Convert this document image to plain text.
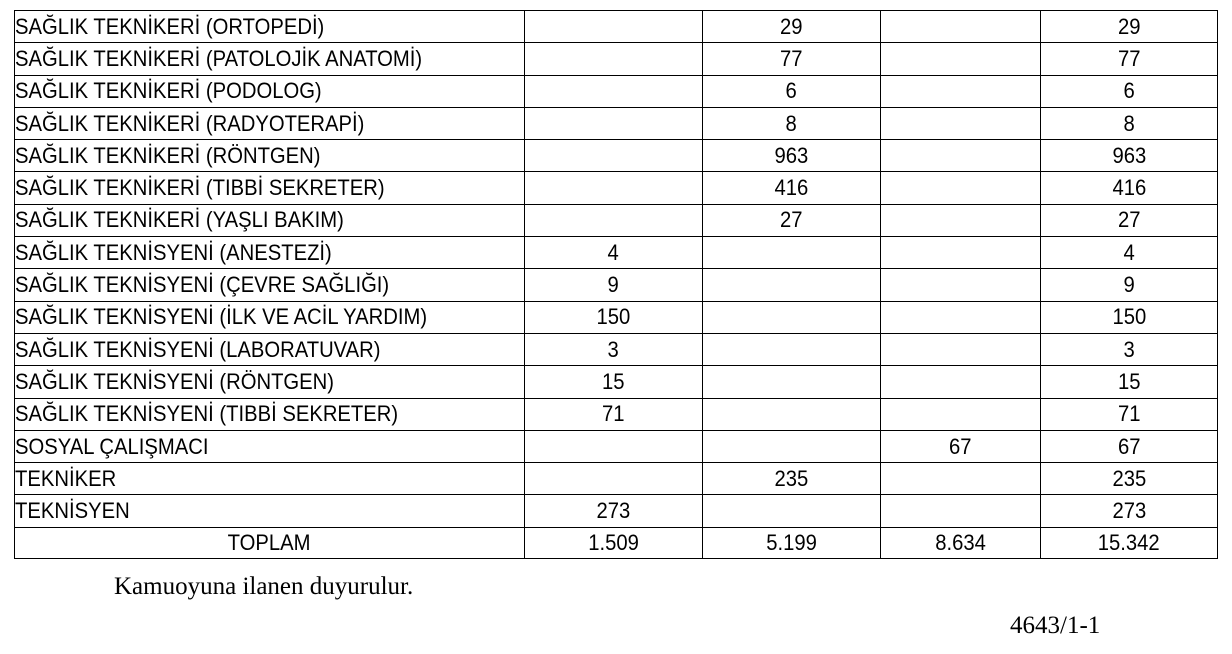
SAĞLIK TEKNİKERİ (ORTOPEDİ)		29		29
SAĞLIK TEKNİKERİ (PATOLOJİK ANATOMİ)		77		77
SAĞLIK TEKNİKERİ (PODOLOG)		6		6
SAĞLIK TEKNİKERİ (RADYOTERAPİ)		8		8
SAĞLIK TEKNİKERİ (RÖNTGEN)		963		963
SAĞLIK TEKNİKERİ (TIBBİ SEKRETER)		416		416
SAĞLIK TEKNİKERİ (YAŞLI BAKIM)		27		27
SAĞLIK TEKNİSYENİ (ANESTEZİ)	4			4
SAĞLIK TEKNİSYENİ (ÇEVRE SAĞLIĞI)	9			9
SAĞLIK TEKNİSYENİ (İLK VE ACİL YARDIM)	150			150
SAĞLIK TEKNİSYENİ (LABORATUVAR)	3			3
SAĞLIK TEKNİSYENİ (RÖNTGEN)	15			15
SAĞLIK TEKNİSYENİ (TIBBİ SEKRETER)	71			71
SOSYAL ÇALIŞMACI			67	67
TEKNİKER		235		235
TEKNİSYEN	273			273
TOPLAM	1.509	5.199	8.634	15.342

Kamuoyuna ilanen duyurulur.

4643/1-1
